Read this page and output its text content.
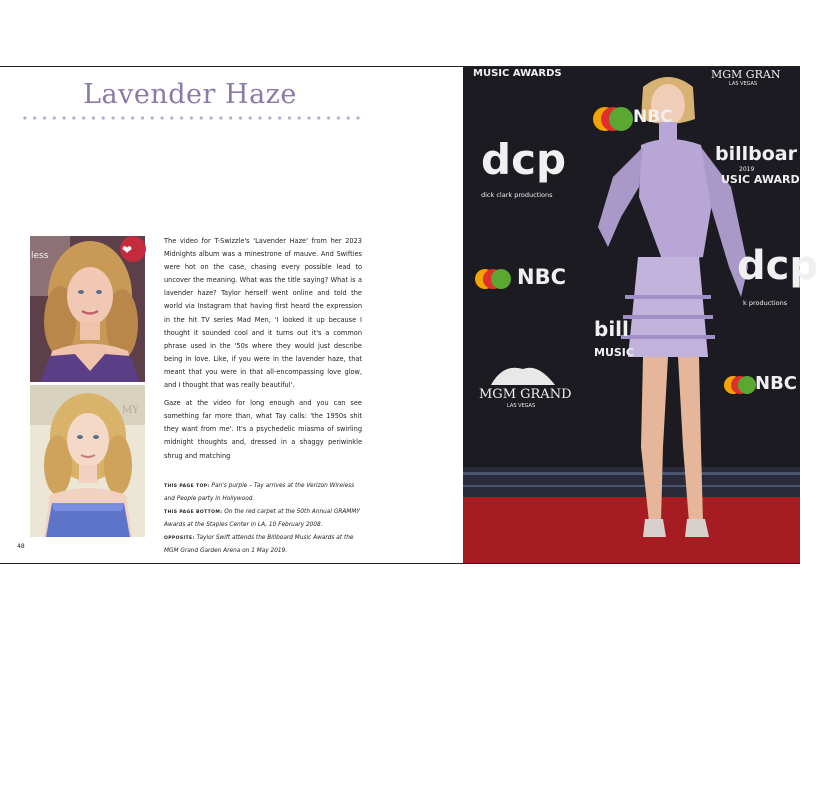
Lavender Haze
❤
less
MY

The video for T-Swizzle's 'Lavender Haze' from her 2023 Midnights album was a minestrone of mauve. And Swifties were hot on the case, chasing every possible lead to uncover the meaning. What was the title saying? What is a lavender haze? Taylor herself went online and told the world via Instagram that having first heard the expression in the hit TV series Mad Men, 'I looked it up because I thought it sounded cool and it turns out it's a common phrase used in the '50s where they would just describe being in love. Like, if you were in the lavender haze, that meant that you were in that all-encompassing love glow, and I thought that was really beautiful'.

Gaze at the video for long enough and you can see something far more than, what Tay calls: 'the 1950s shit they want from me'. It's a psychedelic miasma of swirling midnight thoughts and, dressed in a shaggy periwinkle shrug and matching

THIS PAGE TOP: Pan's purple – Tay arrives at the Verizon Wireless and People party in Hollywood.

THIS PAGE BOTTOM: On the red carpet at the 50th Annual GRAMMY Awards at the Staples Center in LA, 10 February 2008.

OPPOSITE: Taylor Swift attends the Billboard Music Awards at the MGM Grand Garden Arena on 1 May 2019.

48
MUSIC AWARDS	MGM GRAN
LAS VEGAS
NBC
dcp
dick clark productions
billboar
2019
USIC AWARD
NBC	dcp
k productions
bill
MUSIC
MGM GRAND
LAS VEGAS
NBC
